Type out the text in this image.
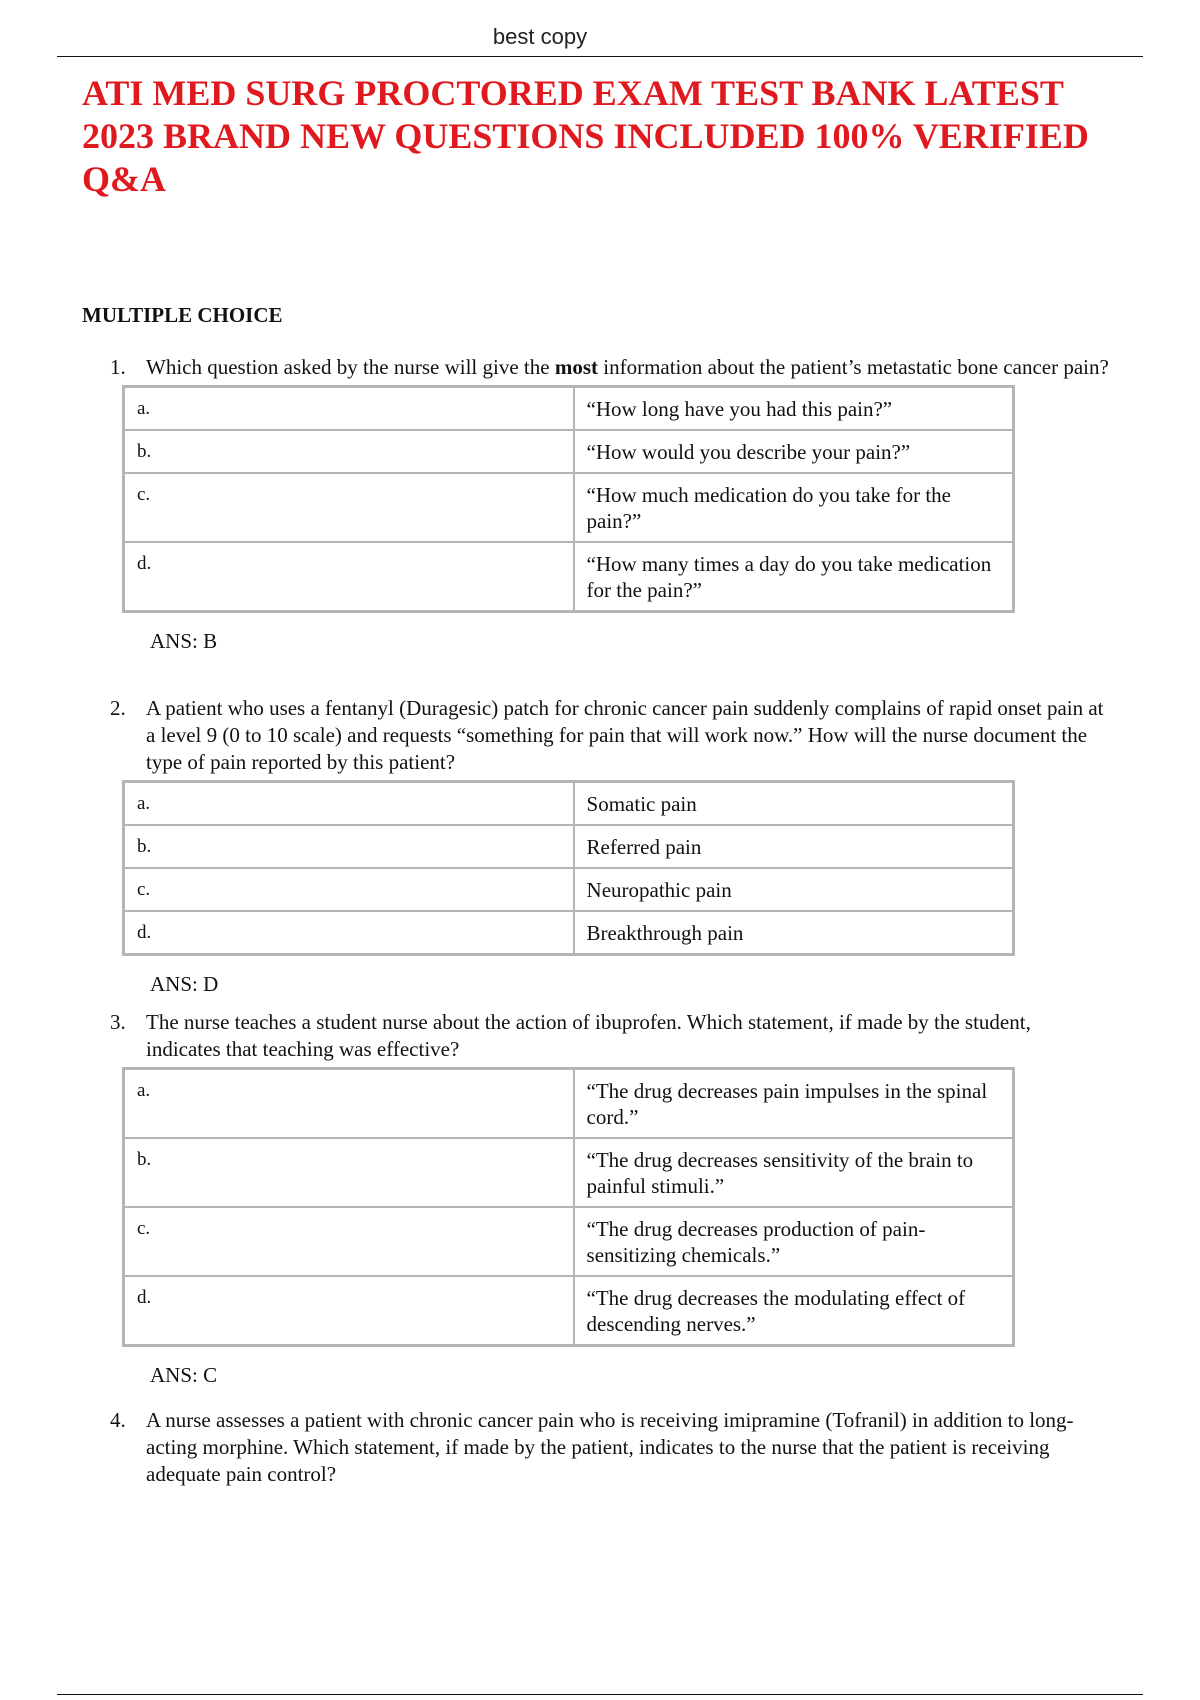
best copy
ATI MED SURG PROCTORED EXAM TEST BANK LATEST 2023 BRAND NEW QUESTIONS INCLUDED 100% VERIFIED Q&A
MULTIPLE CHOICE

1. Which question asked by the nurse will give the most information about the patient’s metastatic bone cancer pain?

a.	“How long have you had this pain?”
b.	“How would you describe your pain?”
c.	“How much medication do you take for the pain?”
d.	“How many times a day do you take medication for the pain?”
ANS: B

2. A patient who uses a fentanyl (Duragesic) patch for chronic cancer pain suddenly complains of rapid onset pain at a level 9 (0 to 10 scale) and requests “something for pain that will work now.” How will the nurse document the type of pain reported by this patient?

a.	Somatic pain
b.	Referred pain
c.	Neuropathic pain
d.	Breakthrough pain
ANS: D

3. The nurse teaches a student nurse about the action of ibuprofen. Which statement, if made by the student, indicates that teaching was effective?

a.	“The drug decreases pain impulses in the spinal cord.”
b.	“The drug decreases sensitivity of the brain to painful stimuli.”
c.	“The drug decreases production of pain-sensitizing chemicals.”
d.	“The drug decreases the modulating effect of descending nerves.”
ANS: C

4. A nurse assesses a patient with chronic cancer pain who is receiving imipramine (Tofranil) in addition to long-acting morphine. Which statement, if made by the patient, indicates to the nurse that the patient is receiving adequate pain control?
